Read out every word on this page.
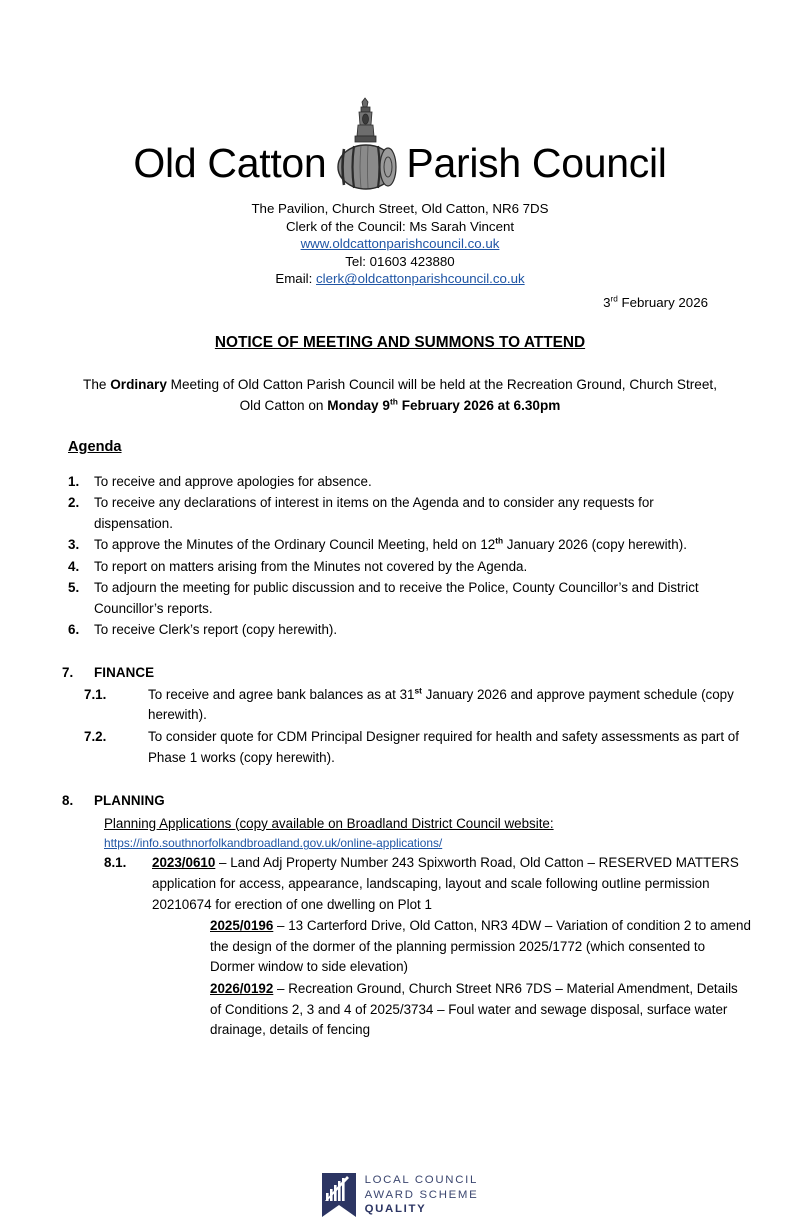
Old Catton Parish Council
The Pavilion, Church Street, Old Catton, NR6 7DS
Clerk of the Council: Ms Sarah Vincent
www.oldcattonparishcouncil.co.uk
Tel: 01603 423880
Email: clerk@oldcattonparishcouncil.co.uk
3rd February 2026
NOTICE OF MEETING AND SUMMONS TO ATTEND
The Ordinary Meeting of Old Catton Parish Council will be held at the Recreation Ground, Church Street, Old Catton on Monday 9th February 2026 at 6.30pm
Agenda
1.	To receive and approve apologies for absence.
2.	To receive any declarations of interest in items on the Agenda and to consider any requests for dispensation.
3.	To approve the Minutes of the Ordinary Council Meeting, held on 12th January 2026 (copy herewith).
4.	To report on matters arising from the Minutes not covered by the Agenda.
5.	To adjourn the meeting for public discussion and to receive the Police, County Councillor’s and District Councillor’s reports.
6.	To receive Clerk’s report (copy herewith).
7.	FINANCE
7.1.	To receive and agree bank balances as at 31st January 2026 and approve payment schedule (copy herewith).
7.2.	To consider quote for CDM Principal Designer required for health and safety assessments as part of Phase 1 works (copy herewith).
8.	PLANNING
Planning Applications (copy available on Broadland District Council website:
https://info.southnorfolkandbroadland.gov.uk/online-applications/
8.1.	2023/0610 – Land Adj Property Number 243 Spixworth Road, Old Catton – RESERVED MATTERS application for access, appearance, landscaping, layout and scale following outline permission 20210674 for erection of one dwelling on Plot 1
2025/0196 – 13 Carterford Drive, Old Catton, NR3 4DW – Variation of condition 2 to amend the design of the dormer of the planning permission 2025/1772 (which consented to Dormer window to side elevation)
2026/0192 – Recreation Ground, Church Street NR6 7DS – Material Amendment, Details of Conditions 2, 3 and 4 of 2025/3734 – Foul water and sewage disposal, surface water drainage, details of fencing
LOCAL COUNCIL
AWARD SCHEME
QUALITY
